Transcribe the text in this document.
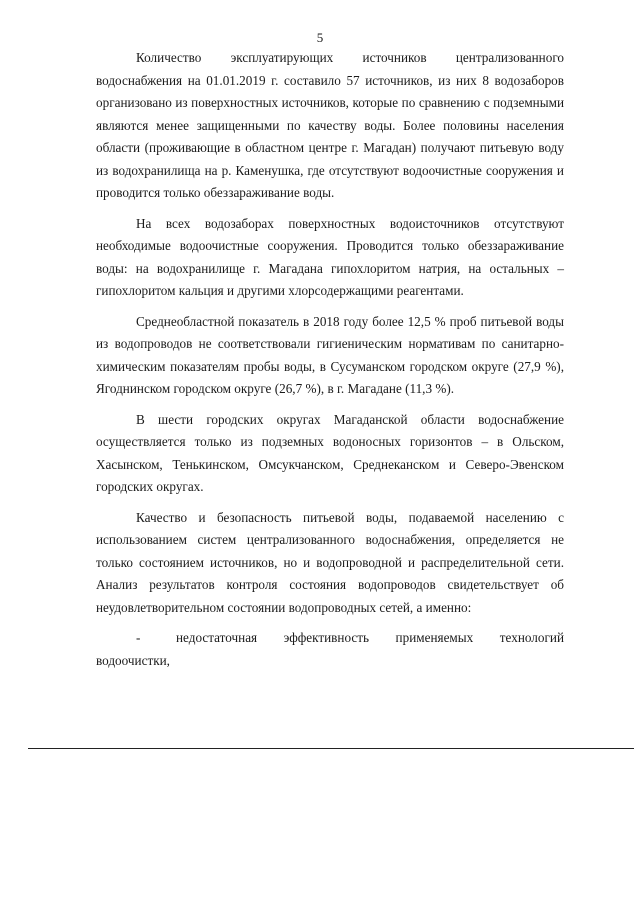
5

Количество эксплуатирующих источников централизованного водоснабжения на 01.01.2019 г. составило 57 источников, из них 8 водозаборов организовано из поверхностных источников, которые по сравнению с подземными являются менее защищенными по качеству воды. Более половины населения области (проживающие в областном центре г. Магадан) получают питьевую воду из водохранилища на р. Каменушка, где отсутствуют водоочистные сооружения и проводится только обеззараживание воды.

На всех водозаборах поверхностных водоисточников отсутствуют необходимые водоочистные сооружения. Проводится только обеззараживание воды: на водохранилище г. Магадана гипохлоритом натрия, на остальных – гипохлоритом кальция и другими хлорсодержащими реагентами.

Среднеобластной показатель в 2018 году более 12,5 % проб питьевой воды из водопроводов не соответствовали гигиеническим нормативам по санитарно-химическим показателям пробы воды, в Сусуманском городском округе (27,9 %), Ягоднинском городском округе (26,7 %), в г. Магадане (11,3 %).

В шести городских округах Магаданской области водоснабжение осуществляется только из подземных водоносных горизонтов – в Ольском, Хасынском, Тенькинском, Омсукчанском, Среднеканском и Северо-Эвенском городских округах.

Качество и безопасность питьевой воды, подаваемой населению с использованием систем централизованного водоснабжения, определяется не только состоянием источников, но и водопроводной и распределительной сети. Анализ результатов контроля состояния водопроводов свидетельствует об неудовлетворительном состоянии водопроводных сетей, а именно:

-	недостаточная эффективность применяемых технологий водоочистки,
